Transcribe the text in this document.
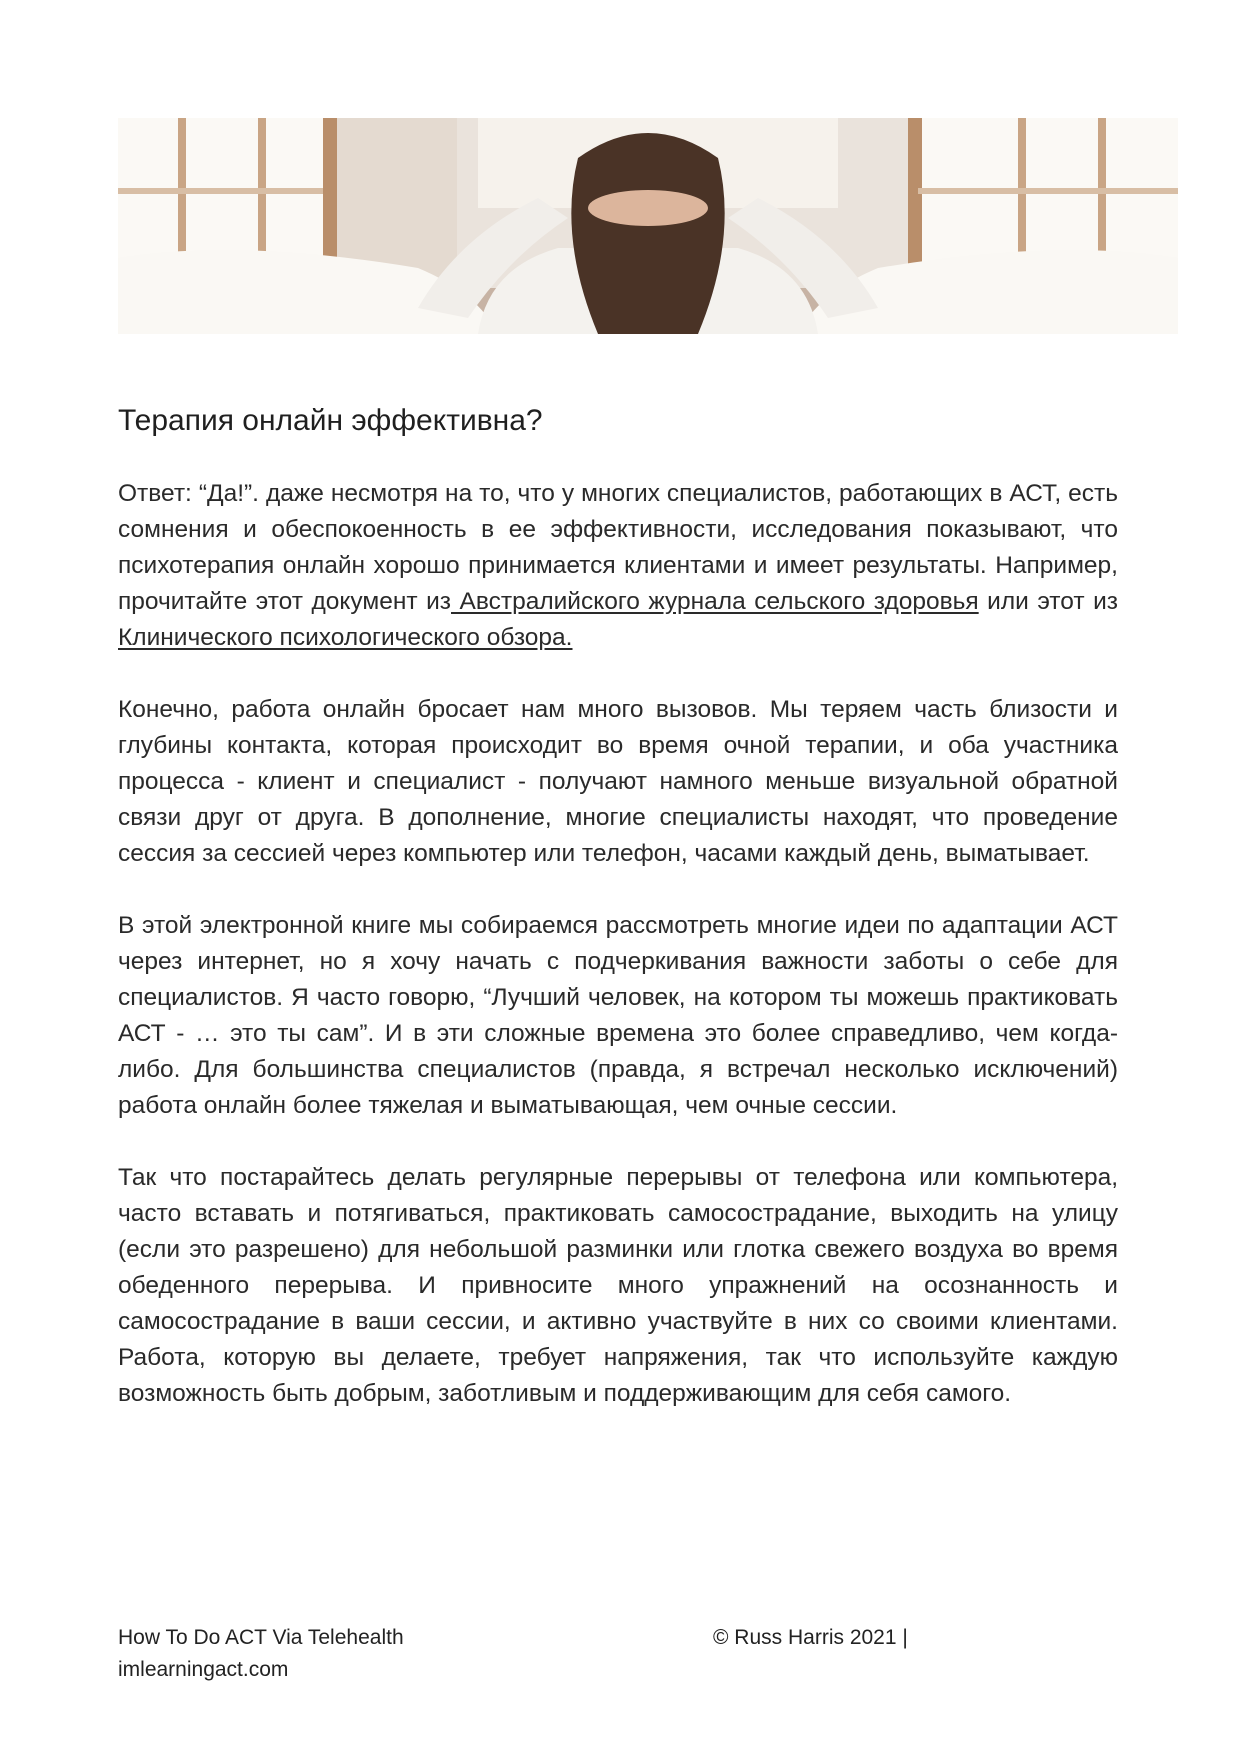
Терапия онлайн эффективна?

Ответ: “Да!”. даже несмотря на то, что у многих специалистов, работающих в АСТ, есть сомнения и обеспокоенность в ее эффективности, исследования показывают, что психотерапия онлайн хорошо принимается клиентами и имеет результаты. Например, прочитайте этот документ из Австралийского журнала сельского здоровья или этот из Клинического психологического обзора.

Конечно, работа онлайн бросает нам много вызовов. Мы теряем часть близости и глубины контакта, которая происходит во время очной терапии, и оба участника процесса - клиент и специалист - получают намного меньше визуальной обратной связи друг от друга. В дополнение, многие специалисты находят, что проведение сессия за сессией через компьютер или телефон, часами каждый день, выматывает.

В этой электронной книге мы собираемся рассмотреть многие идеи по адаптации АСТ через интернет, но я хочу начать с подчеркивания важности заботы о себе для специалистов. Я часто говорю, “Лучший человек, на котором ты можешь практиковать АСТ - … это ты сам”. И в эти сложные времена это более справедливо, чем когда-либо. Для большинства специалистов (правда, я встречал несколько исключений) работа онлайн более тяжелая и выматывающая, чем очные сессии.

Так что постарайтесь делать регулярные перерывы от телефона или компьютера, часто вставать и потягиваться, практиковать самосострадание, выходить на улицу (если это разрешено) для небольшой разминки или глотка свежего воздуха во время обеденного перерыва. И привносите много упражнений на осознанность и самосострадание в ваши сессии, и активно участвуйте в них со своими клиентами. Работа, которую вы делаете, требует напряжения, так что используйте каждую возможность быть добрым, заботливым и поддерживающим для себя самого.

How To Do ACT Via Telehealth
imlearningact.com
© Russ Harris 2021 |
